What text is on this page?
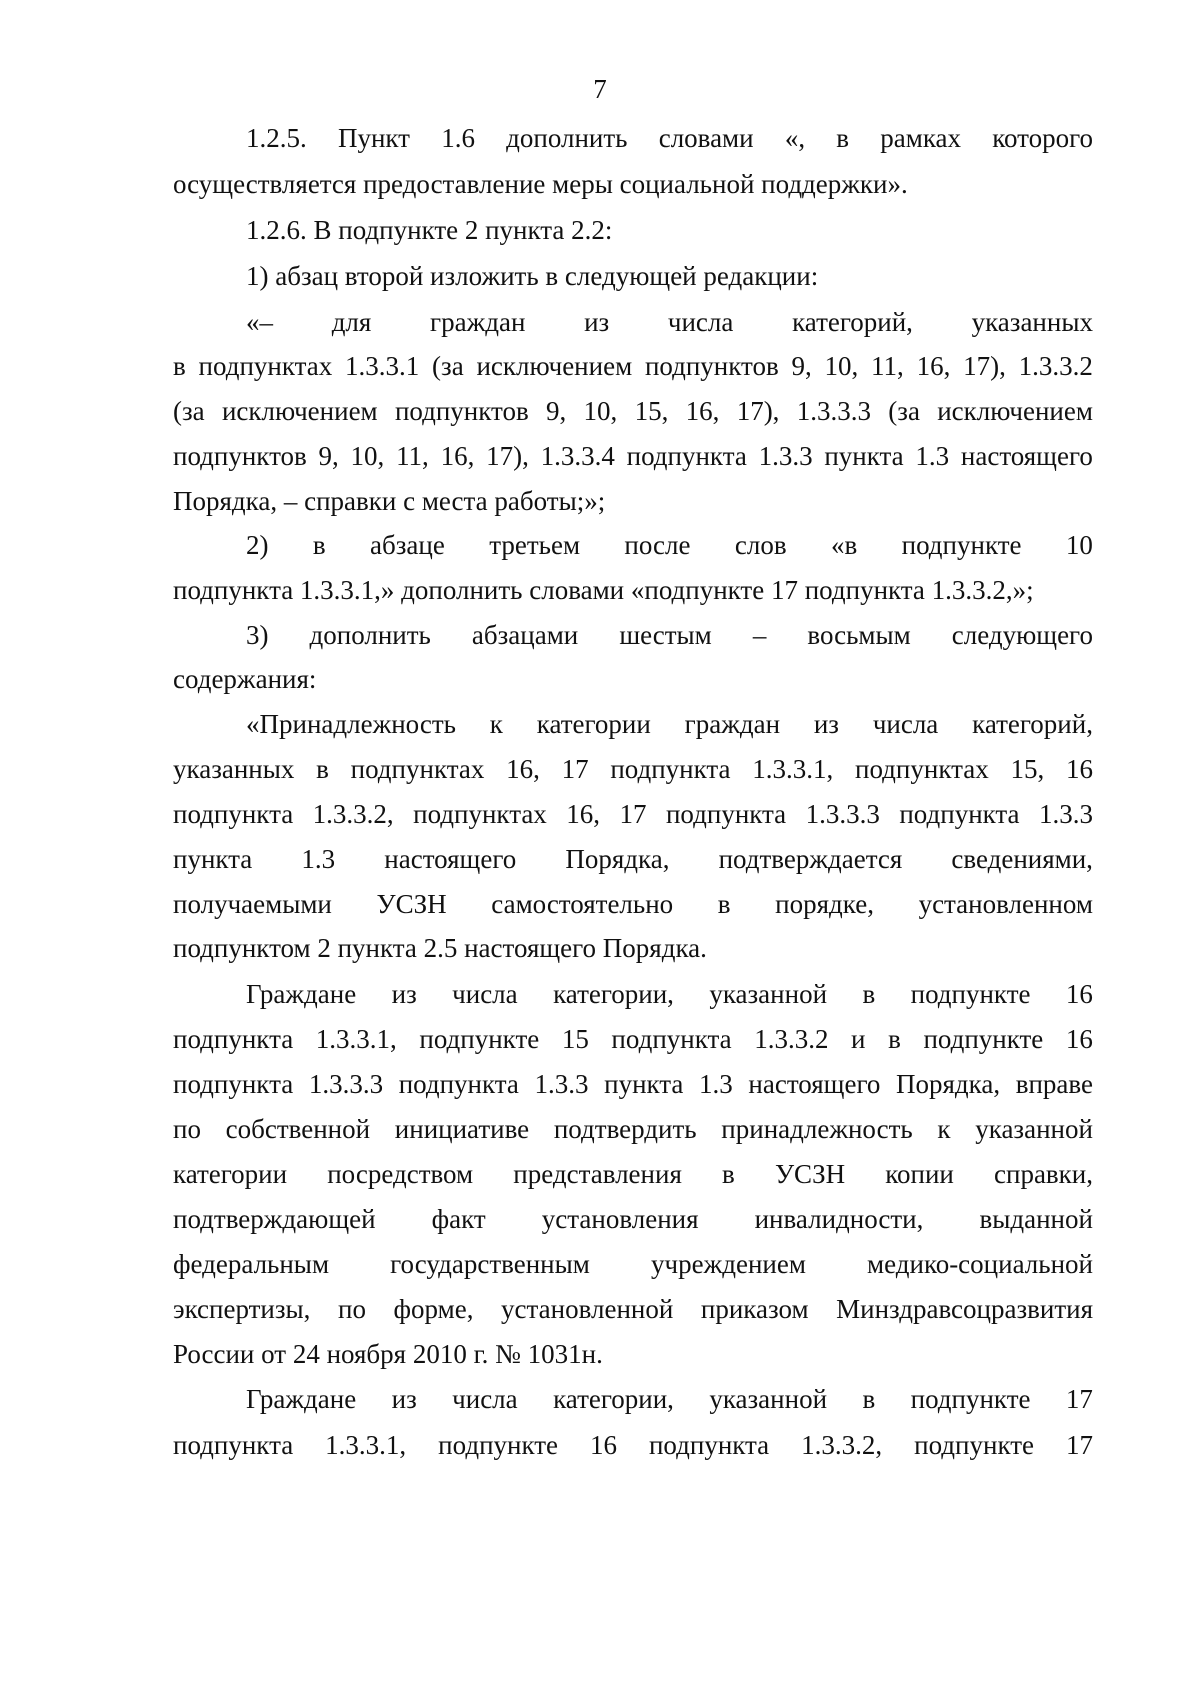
7
1.2.5. Пункт 1.6 дополнить словами «, в рамках которого
осуществляется предоставление меры социальной поддержки».
1.2.6. В подпункте 2 пункта 2.2:
1) абзац второй изложить в следующей редакции:
«– для граждан из числа категорий, указанных
в подпунктах 1.3.3.1 (за исключением подпунктов 9, 10, 11, 16, 17), 1.3.3.2
(за исключением подпунктов 9, 10, 15, 16, 17), 1.3.3.3 (за исключением
подпунктов 9, 10, 11, 16, 17), 1.3.3.4 подпункта 1.3.3 пункта 1.3 настоящего
Порядка, – справки с места работы;»;
2) в абзаце третьем после слов «в подпункте 10
подпункта 1.3.3.1,» дополнить словами «подпункте 17 подпункта 1.3.3.2,»;
3) дополнить абзацами шестым – восьмым следующего
содержания:
«Принадлежность к категории граждан из числа категорий,
указанных в подпунктах 16, 17 подпункта 1.3.3.1, подпунктах 15, 16
подпункта 1.3.3.2, подпунктах 16, 17 подпункта 1.3.3.3 подпункта 1.3.3
пункта 1.3 настоящего Порядка, подтверждается сведениями,
получаемыми УСЗН самостоятельно в порядке, установленном
подпунктом 2 пункта 2.5 настоящего Порядка.
Граждане из числа категории, указанной в подпункте 16
подпункта 1.3.3.1, подпункте 15 подпункта 1.3.3.2 и в подпункте 16
подпункта 1.3.3.3 подпункта 1.3.3 пункта 1.3 настоящего Порядка, вправе
по собственной инициативе подтвердить принадлежность к указанной
категории посредством представления в УСЗН копии справки,
подтверждающей факт установления инвалидности, выданной
федеральным государственным учреждением медико-социальной
экспертизы, по форме, установленной приказом Минздравсоцразвития
России от 24 ноября 2010 г. № 1031н.
Граждане из числа категории, указанной в подпункте 17
подпункта 1.3.3.1, подпункте 16 подпункта 1.3.3.2, подпункте 17
